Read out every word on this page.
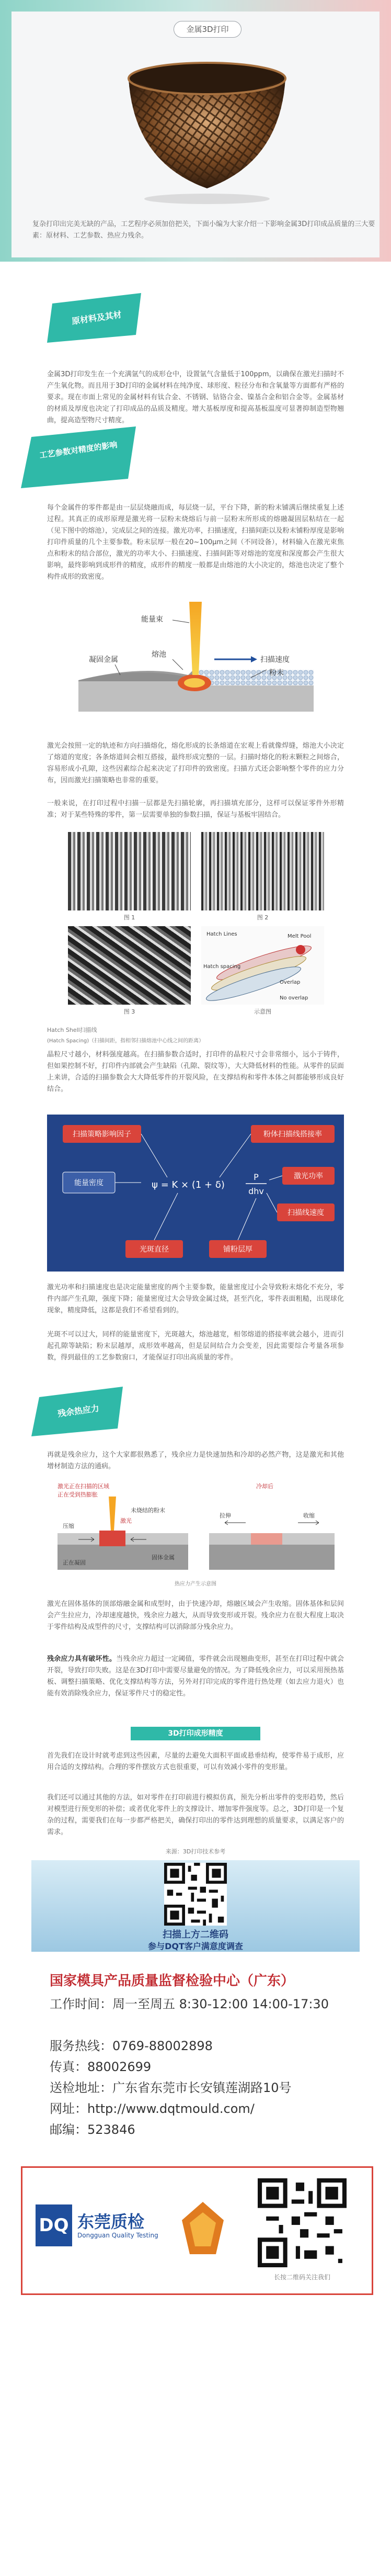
金属3D打印
复杂打印出完美无缺的产品，工艺程序必须加倍把关，下面小编为大家介绍一下影响金属3D打印成品质量的三大要素：原材料、工艺参数、热应力残余。
原材料及其材

金属3D打印发生在一个充满氩气的成形仓中，设置氩气含量低于100ppm，以确保在激光扫描时不产生氧化物。而且用于3D打印的金属材料在纯净度、球形度、粒径分布和含氧量等方面都有严格的要求。现在市面上常见的金属材料有钛合金、不锈钢、钴铬合金、镍基合金和铝合金等。金属基材的材质及厚度也决定了打印成品的品质及精度。增大基板厚度和提高基板温度可显著抑制造型物翘曲，提高造型物尺寸精度。

工艺参数对精度的影响

每个金属件的零件都是由一层层烧融而成，每层烧一层，平台下降，新的粉末铺满后继续重复上述过程。其真正的成形原理是激光将一层粉末烧熔后与前一层粉末所形成的熔融凝固层粘结在一起（见下图中的熔池），完成层之间的连接。激光功率，扫描速度，扫描间距以及粉末铺粉厚度是影响打印件质量的几个主要参数。粉末层厚一般在20~100μm之间（不同设备），材料输入在激光束焦点和粉末的结合部位，激光的功率大小、扫描速度、扫描间距等对熔池的宽度和深度都会产生很大影响，最终影响到成形件的精度，成形件的精度一般都是由熔池的大小决定的，熔池也决定了整个构件成形的致密度。

能量束
扫描速度
熔池
凝固金属
粉末

激光会按照一定的轨迹和方向扫描熔化，熔化形成的长条熔道在宏观上看就像焊缝，熔池大小决定了熔道的宽度；各条熔道间会相互搭接，最终形成完整的一层。扫描时熔化的粉末颗粒之间熔合，容易形成小孔隙，这些因素综合起来决定了打印件的致密度。扫描方式还会影响整个零件的应力分布，因而激光扫描策略也非常的重要。

一般来说，在打印过程中扫描一层都是先扫描轮廓，再扫描填充部分，这样可以保证零件外形精准；对于某些特殊的零件，第一层需要单独的参数扫描，保证与基板牢固结合。

图 1	图 2
图 3
Hatch Lines	Melt Pool
Hatch spacing
Overlap
No overlap
示意图
Hatch Shell扫描线
(Hatch Spacing)（扫描间距，指相邻扫描熔池中心线之间的距离）

晶粒尺寸越小，材料强度越高。在扫描参数合适时，打印件的晶粒尺寸会非常细小，远小于铸件，但如果控制不好，打印件内部就会产生缺陷（孔隙、裂纹等），大大降低材料的性能。从零件的层面上来讲，合适的扫描参数会大大降低零件的开裂风险，在支撑结构和零件本体之间都能够形成良好结合。

扫描策略影响因子
能量密度	ψ = K × (1 + δ)
P
dhv
粉体扫描线搭接率
激光功率
扫描线速度
光斑直径	铺粉层厚

激光功率和扫描速度也是决定能量密度的两个主要参数，能量密度过小会导致粉末熔化不充分，零件内部产生孔隙，强度下降；能量密度过大会导致金属过烧，甚至汽化，零件表面粗糙，出现球化现象，精度降低，这都是我们不希望看到的。

光斑不可以过大，同样的能量密度下，光斑越大，熔池越宽，相邻熔道的搭接率就会越小，进而引起孔隙等缺陷；粉末层越厚，成形效率越高，但是层间结合力会变差，因此需要综合考量各项参数，得到最佳的工艺参数窗口，才能保证打印出高质量的零件。

残余热应力

再就是残余应力，这个大家都很熟悉了，残余应力是快速加热和冷却的必然产物，这是激光和其他增材制造方法的通病。

激光正在扫描的区域
正在受到热膨胀
冷却后
未烧结的粉末
激光
压缩
固体金属
正在凝固
拉伸	收缩
热应力产生示意图

激光在固体基体的顶部熔融金属和成型时，由于快速冷却，熔融区域会产生收缩。固体基体和层间会产生拉应力，冷却速度越快，残余应力越大，从而导致变形或开裂。残余应力在很大程度上取决于零件结构及成型件的尺寸，支撑结构可以消除部分残余应力。

残余应力具有破坏性。当残余应力超过一定阈值，零件就会出现翘曲变形，甚至在打印过程中就会开裂，导致打印失败。这是在3D打印中需要尽量避免的情况。为了降低残余应力，可以采用预热基板、调整扫描策略、优化支撑结构等方法，另外对打印完成的零件进行热处理（如去应力退火）也能有效消除残余应力，保证零件尺寸的稳定性。

3D打印成形精度

首先我们在设计时就考虑到这些因素，尽量的去避免大面积平面或悬垂结构，使零件易于成形，应用合适的支撑结构。合理的零件摆放方式也很重要，可以有效减小零件的变形量。

我们还可以通过其他的方法，如对零件在打印前进行模拟仿真，预先分析出零件的变形趋势，然后对模型进行预变形的补偿；或者优化零件上的支撑设计、增加零件强度等。总之，3D打印是一个复杂的过程，需要我们在每一步都严格把关，确保打印出的零件达到理想的质量要求，以满足客户的需求。

来源：3D打印技术参考
扫描上方二维码
参与DQT客户满意度调查
国家模具产品质量监督检验中心（广东）
工作时间：周一至周五 8:30-12:00 14:00-17:30
服务热线：0769-88002898
传真：88002699
送检地址：广东省东莞市长安镇莲湖路10号
网址：http://www.dqtmould.com/
邮编：523846
DQ 东莞质检
Dongguan Quality Testing
长按二维码关注我们
